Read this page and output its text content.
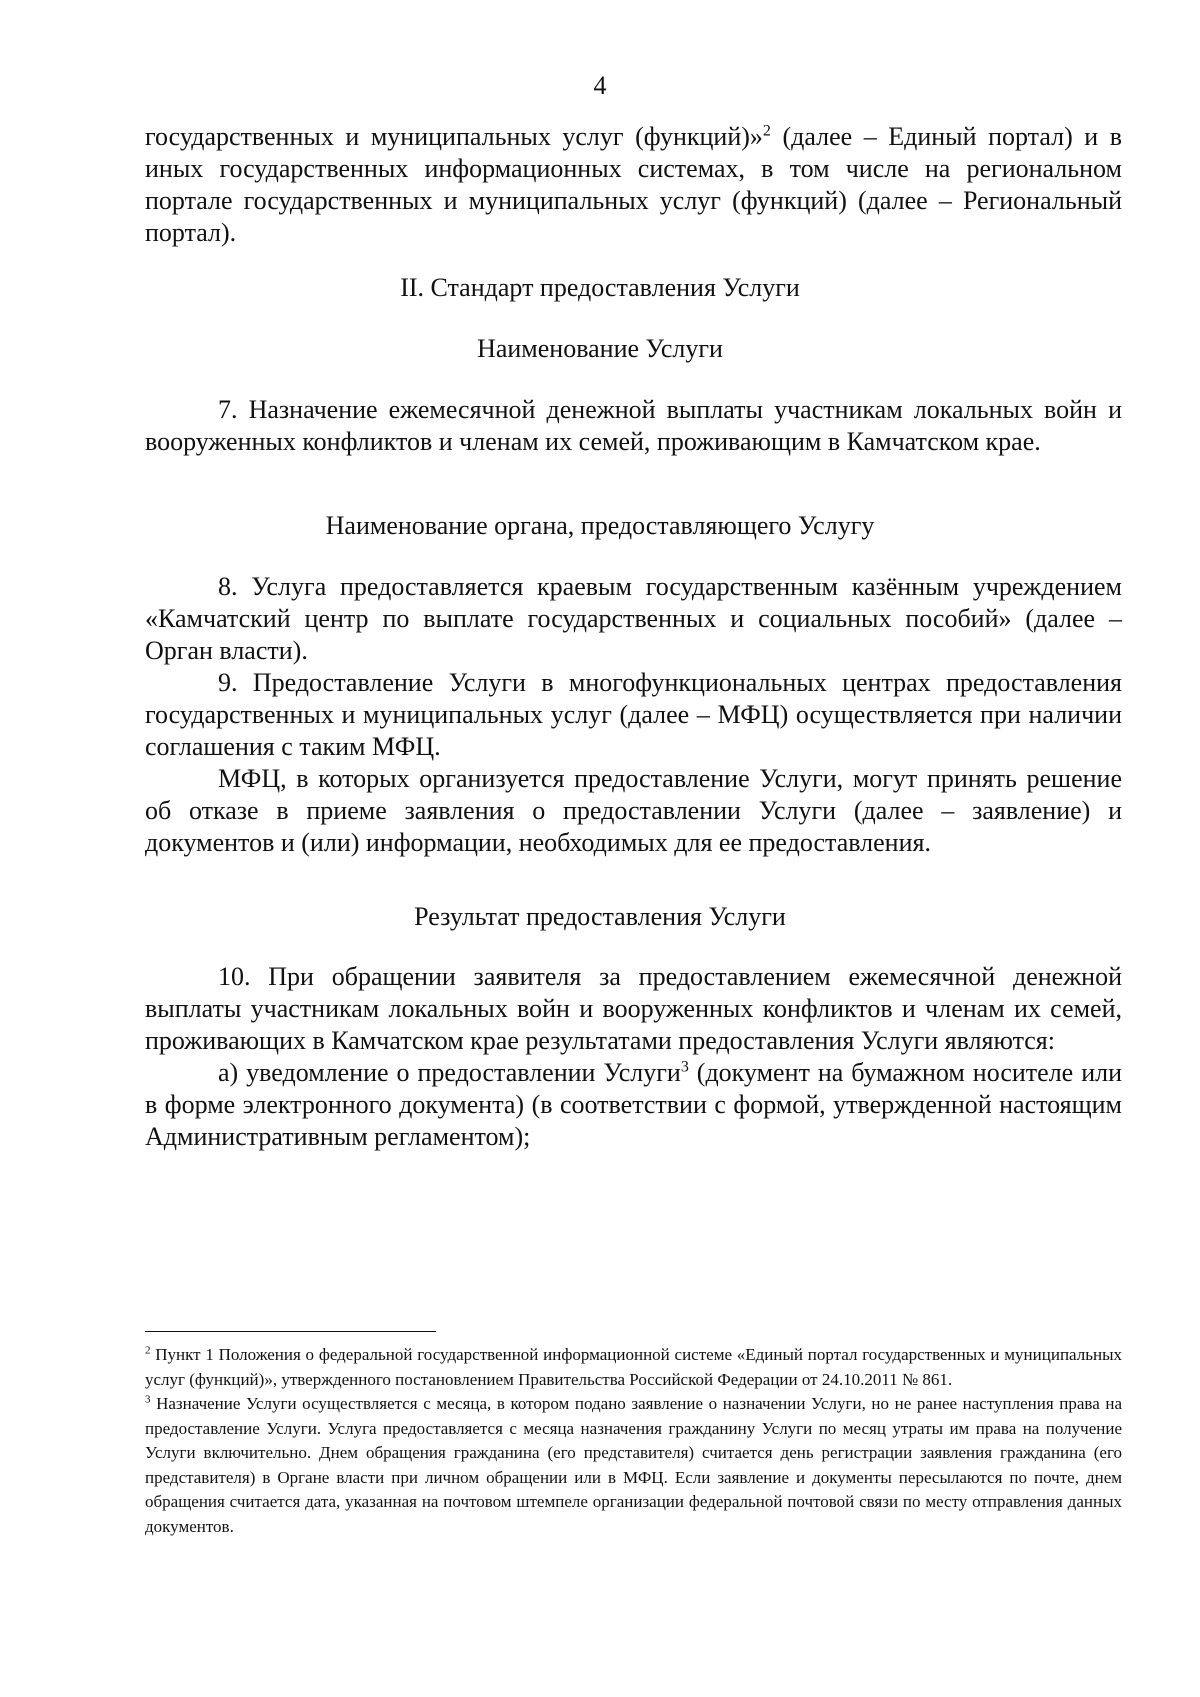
4

государственных и муниципальных услуг (функций)»$^2$ (далее – Единый портал) и в иных государственных информационных системах, в том числе на региональном портале государственных и муниципальных услуг (функций) (далее – Региональный портал).

II. Стандарт предоставления Услуги
Наименование Услуги

7. Назначение ежемесячной денежной выплаты участникам локальных войн и вооруженных конфликтов и членам их семей, проживающим в Камчатском крае.

Наименование органа, предоставляющего Услугу

8. Услуга предоставляется краевым государственным казённым учреждением «Камчатский центр по выплате государственных и социальных пособий» (далее – Орган власти).

9. Предоставление Услуги в многофункциональных центрах предоставления государственных и муниципальных услуг (далее – МФЦ) осуществляется при наличии соглашения с таким МФЦ.

МФЦ, в которых организуется предоставление Услуги, могут принять решение об отказе в приеме заявления о предоставлении Услуги (далее – заявление) и документов и (или) информации, необходимых для ее предоставления.

Результат предоставления Услуги

10. При обращении заявителя за предоставлением ежемесячной денежной выплаты участникам локальных войн и вооруженных конфликтов и членам их семей, проживающих в Камчатском крае результатами предоставления Услуги являются:

а) уведомление о предоставлении Услуги$^3$ (документ на бумажном носителе или в форме электронного документа) (в соответствии с формой, утвержденной настоящим Административным регламентом);

$^2$ Пункт 1 Положения о федеральной государственной информационной системе «Единый портал государственных и муниципальных услуг (функций)», утвержденного постановлением Правительства Российской Федерации от 24.10.2011 № 861.

$^3$ Назначение Услуги осуществляется с месяца, в котором подано заявление о назначении Услуги, но не ранее наступления права на предоставление Услуги. Услуга предоставляется с месяца назначения гражданину Услуги по месяц утраты им права на получение Услуги включительно. Днем обращения гражданина (его представителя) считается день регистрации заявления гражданина (его представителя) в Органе власти при личном обращении или в МФЦ. Если заявление и документы пересылаются по почте, днем обращения считается дата, указанная на почтовом штемпеле организации федеральной почтовой связи по месту отправления данных документов.
